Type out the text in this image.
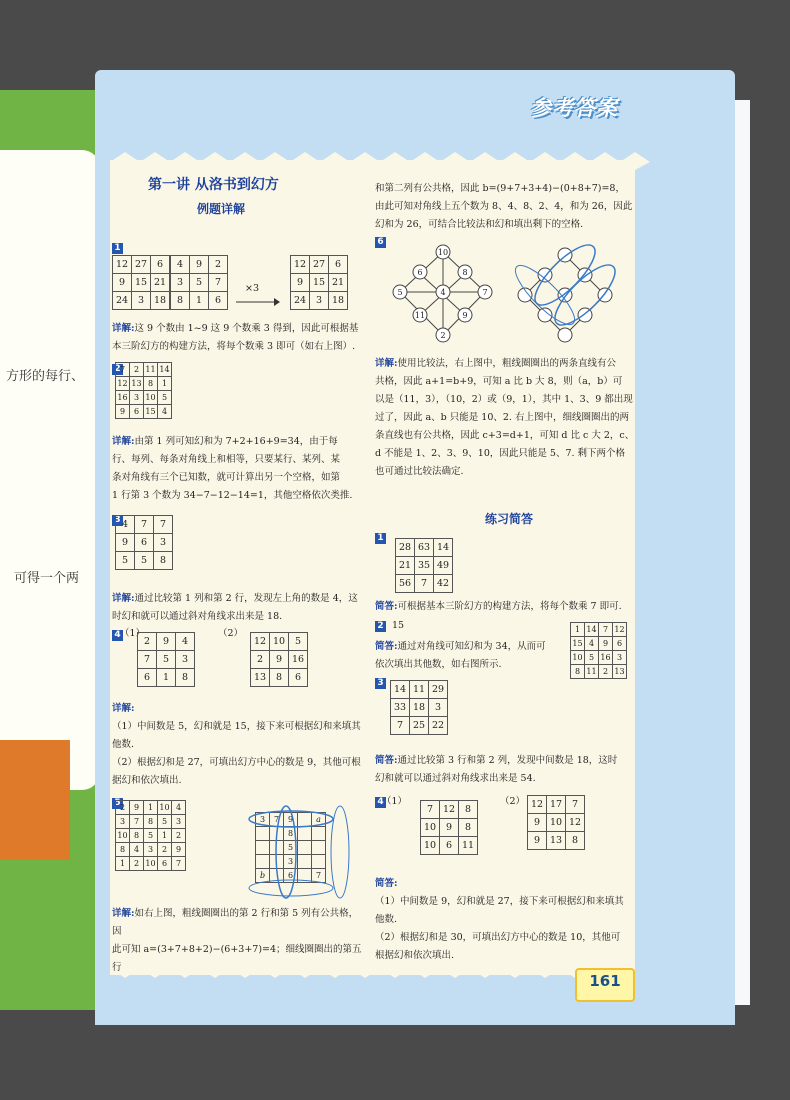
方形的每行、
可得一个两
参考答案
161
第一讲 从洛书到幻方
例题详解
1
12	27	6
9	15	21
24	3	18
4	9	2
3	5	7
8	1	6
×3
12	27	6
9	15	21
24	3	18
详解:这 9 个数由 1~9 这 9 个数乘 3 得到，因此可根据基
本三阶幻方的构建方法，将每个数乘 3 即可（如右上图）.
2 7	2	11	14
12	13	8	1
16	3	10	5
9	6	15	4
详解:由第 1 列可知幻和为 7+2+16+9=34，由于每
行、每列、每条对角线上和相等，只要某行、某列、某
条对角线有三个已知数，就可计算出另一个空格，如第
1 行第 3 个数为 34−7−12−14=1，其他空格依次类推.
3 4	7	7
9	6	3
5	5	8
详解:通过比较第 1 列和第 2 行，发现左上角的数是 4，这
时幻和就可以通过斜对角线求出来是 18.
4 （1）
2	9	4
7	5	3
6	1	8
（2）
12	10	5
2	9	16
13	8	6
详解:
（1）中间数是 5，幻和就是 15，接下来可根据幻和来填其
他数.
（2）根据幻和是 27，可填出幻方中心的数是 9，其他可根
据幻和依次填出.
5 2	9	1	10	4
3	7	8	5	3
10	8	5	1	2
8	4	3	2	9
1	2	10	6	7
3	7	9		a
		8		
		5		
		3		
b		6		7
详解:如右上图，粗线圈圈出的第 2 行和第 5 列有公共格，因
此可知 a=(3+7+8+2)−(6+3+7)=4；细线圈圈出的第五行
和第二列有公共格，因此 b=(9+7+3+4)−(0+8+7)=8，
由此可知对角线上五个数为 8、4、8、2、4，和为 26，因此
幻和为 26，可结合比较法和幻和填出剩下的空格.
6
10
5
6
7
11
2
9
4
8
详解:使用比较法，右上图中，粗线圈圈出的两条直线有公
共格，因此 a+1=b+9，可知 a 比 b 大 8，则（a，b）可
以是（11，3），（10，2）或（9，1），其中 1、3、9 都出现
过了，因此 a、b 只能是 10、2. 右上图中，细线圈圈出的两
条直线也有公共格，因此 c+3=d+1，可知 d 比 c 大 2，c、
d 不能是 1、2、3、9、10，因此只能是 5、7. 剩下两个格
也可通过比较法确定.
练习简答
1
28	63	14
21	35	49
56	7	42
简答:可根据基本三阶幻方的构建方法，将每个数乘 7 即可.
2 15	1	14	7	12
15	4	9	6
10	5	16	3
8	11	2	13
简答:通过对角线可知幻和为 34，从而可
依次填出其他数，如右图所示.
3
14	11	29
33	18	3
7	25	22
简答:通过比较第 3 行和第 2 列，发现中间数是 18，这时
幻和就可以通过斜对角线求出来是 54.
4
（1）
7	12	8
10	9	8
10	6	11
（2） 12	17	7
9	10	12
9	13	8
简答:
（1）中间数是 9，幻和就是 27，接下来可根据幻和来填其
他数.
（2）根据幻和是 30，可填出幻方中心的数是 10，其他可
根据幻和依次填出.
